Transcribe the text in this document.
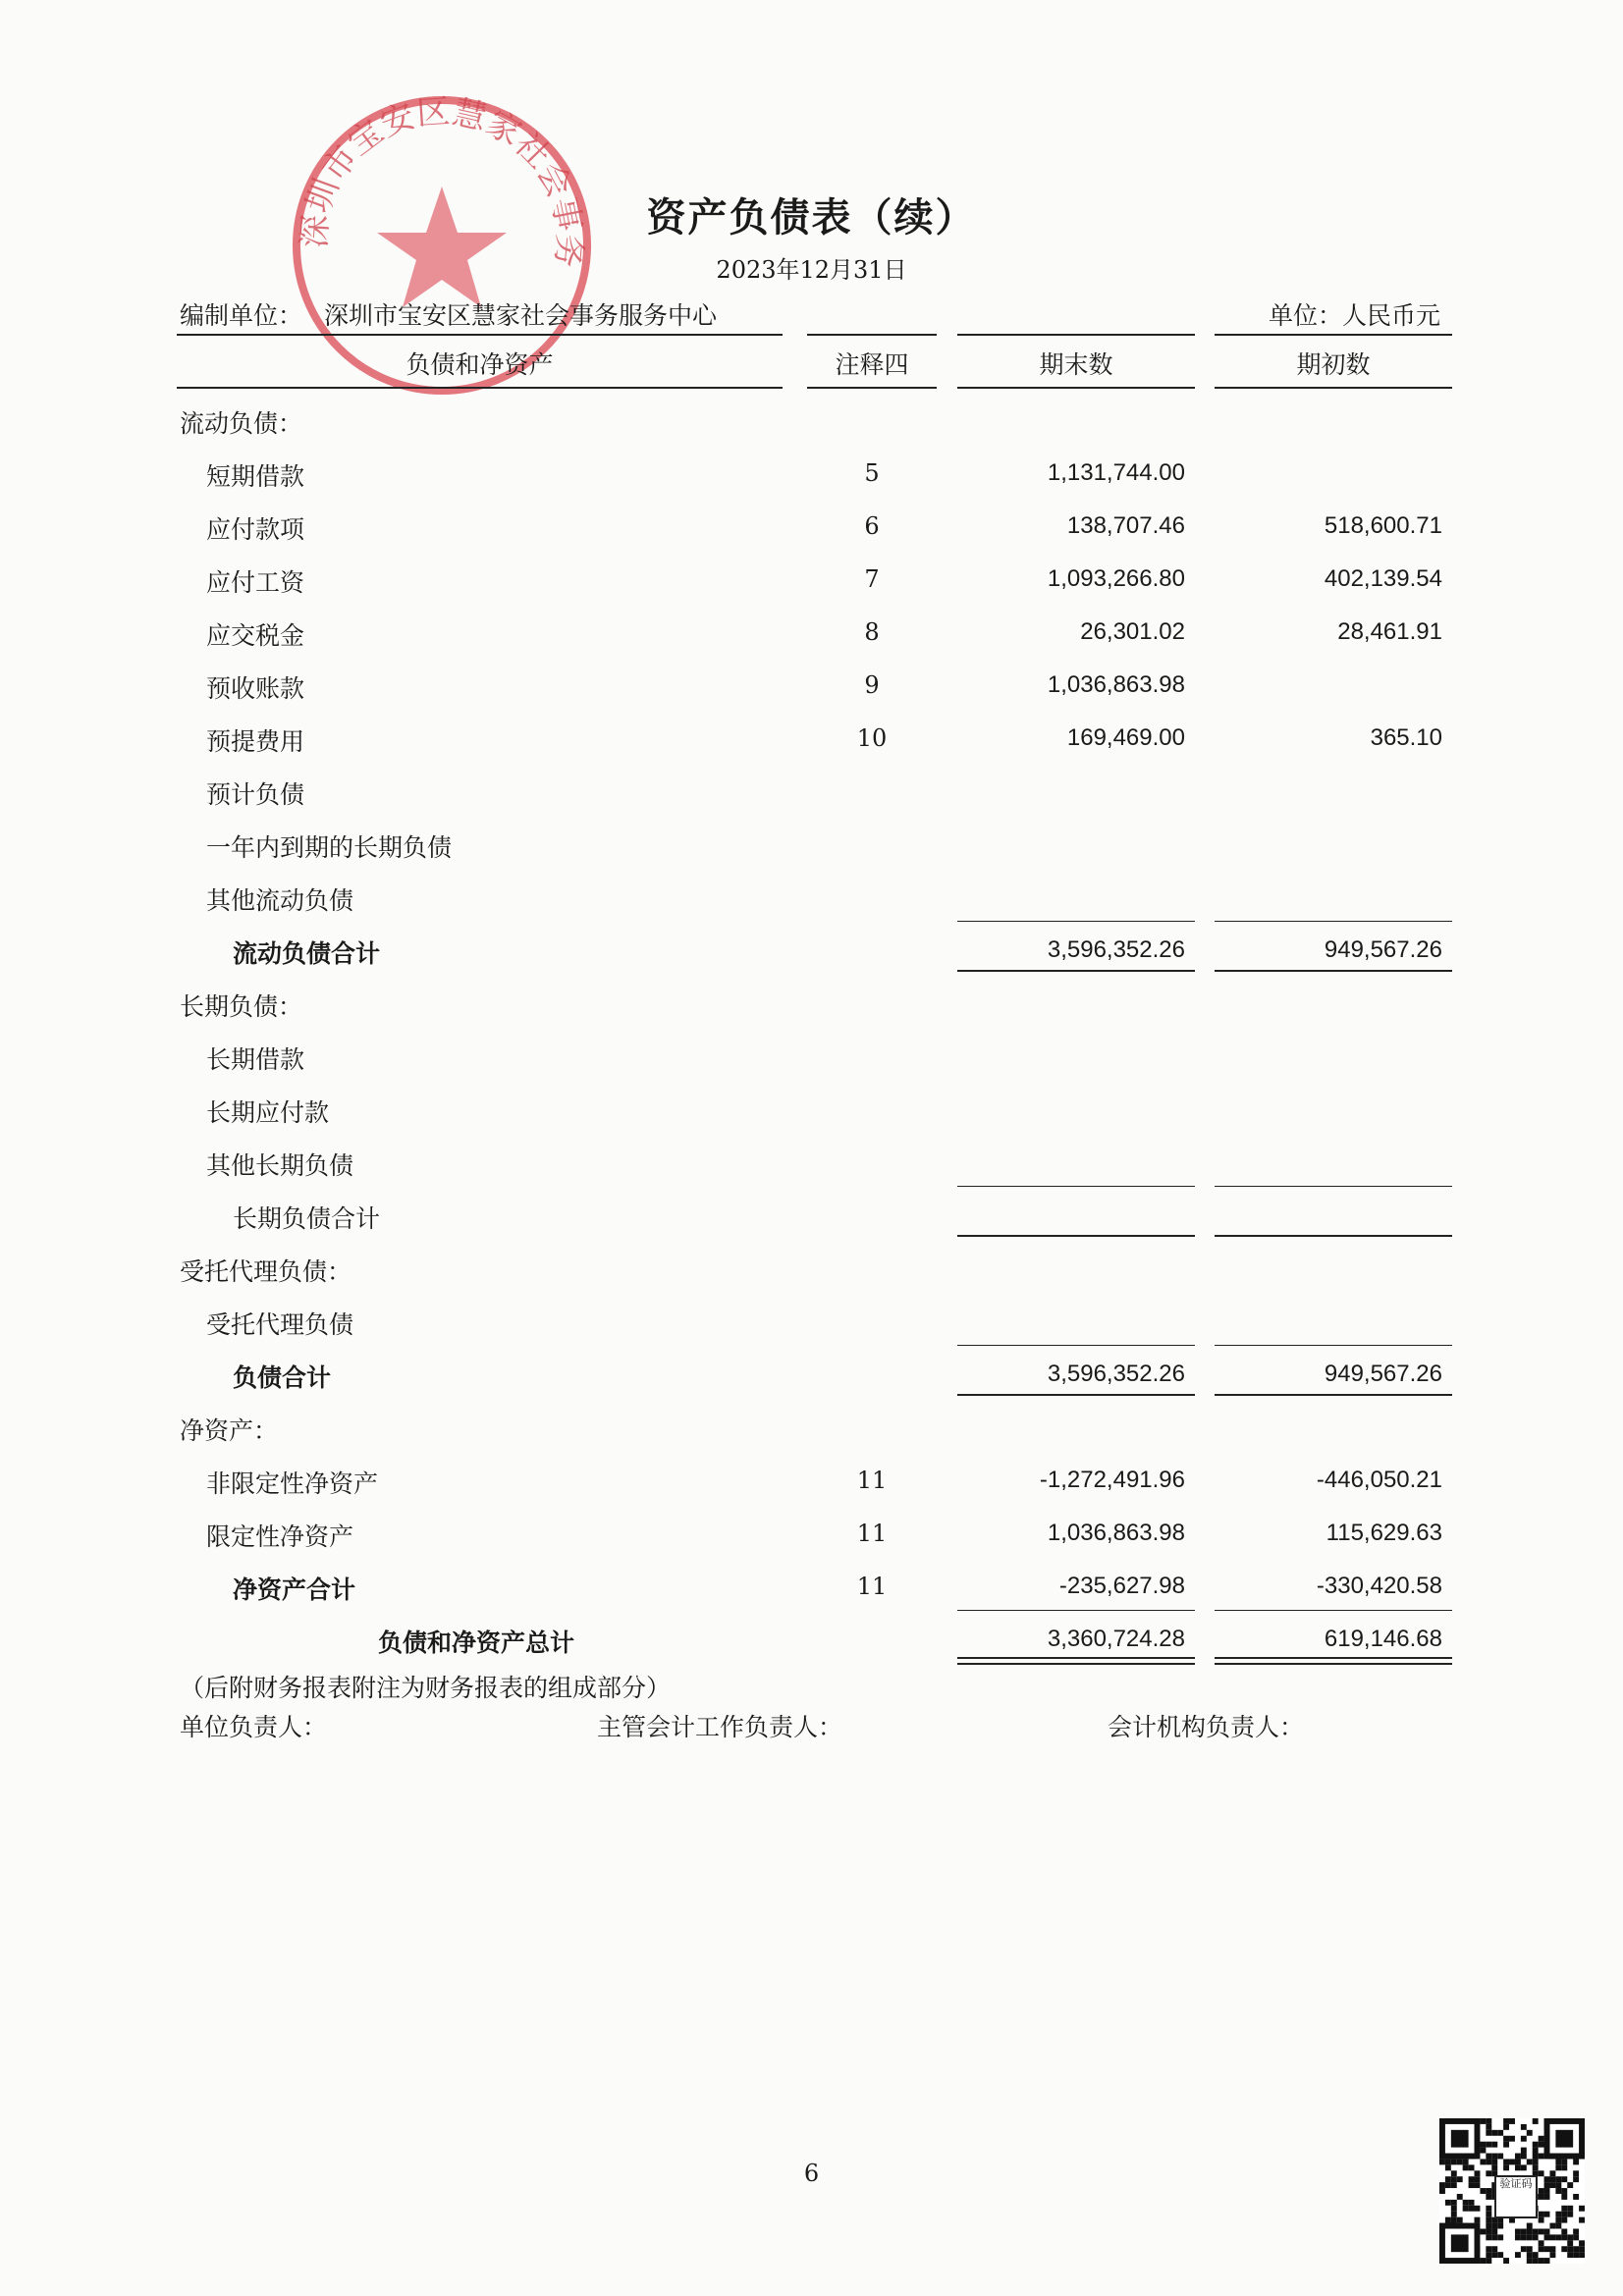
深圳市宝安区慧家社会事务
资产负债表（续）
2023年12月31日
编制单位： 深圳市宝安区慧家社会事务服务中心	单位：人民币元
负债和净资产	注释四	期末数	期初数
流动负债：
短期借款	5	1,131,744.00
应付款项	6	138,707.46	518,600.71
应付工资	7	1,093,266.80	402,139.54
应交税金	8	26,301.02	28,461.91
预收账款	9	1,036,863.98
预提费用	10	169,469.00	365.10
预计负债
一年内到期的长期负债
其他流动负债
流动负债合计	3,596,352.26	949,567.26
长期负债：
长期借款
长期应付款
其他长期负债
长期负债合计
受托代理负债：
受托代理负债
负债合计	3,596,352.26	949,567.26
净资产：
非限定性净资产	11	-1,272,491.96	-446,050.21
限定性净资产	11	1,036,863.98	115,629.63
净资产合计	11	-235,627.98	-330,420.58
负债和净资产总计	3,360,724.28	619,146.68
（后附财务报表附注为财务报表的组成部分）
单位负责人：	主管会计工作负责人：	会计机构负责人：
6	验证码
